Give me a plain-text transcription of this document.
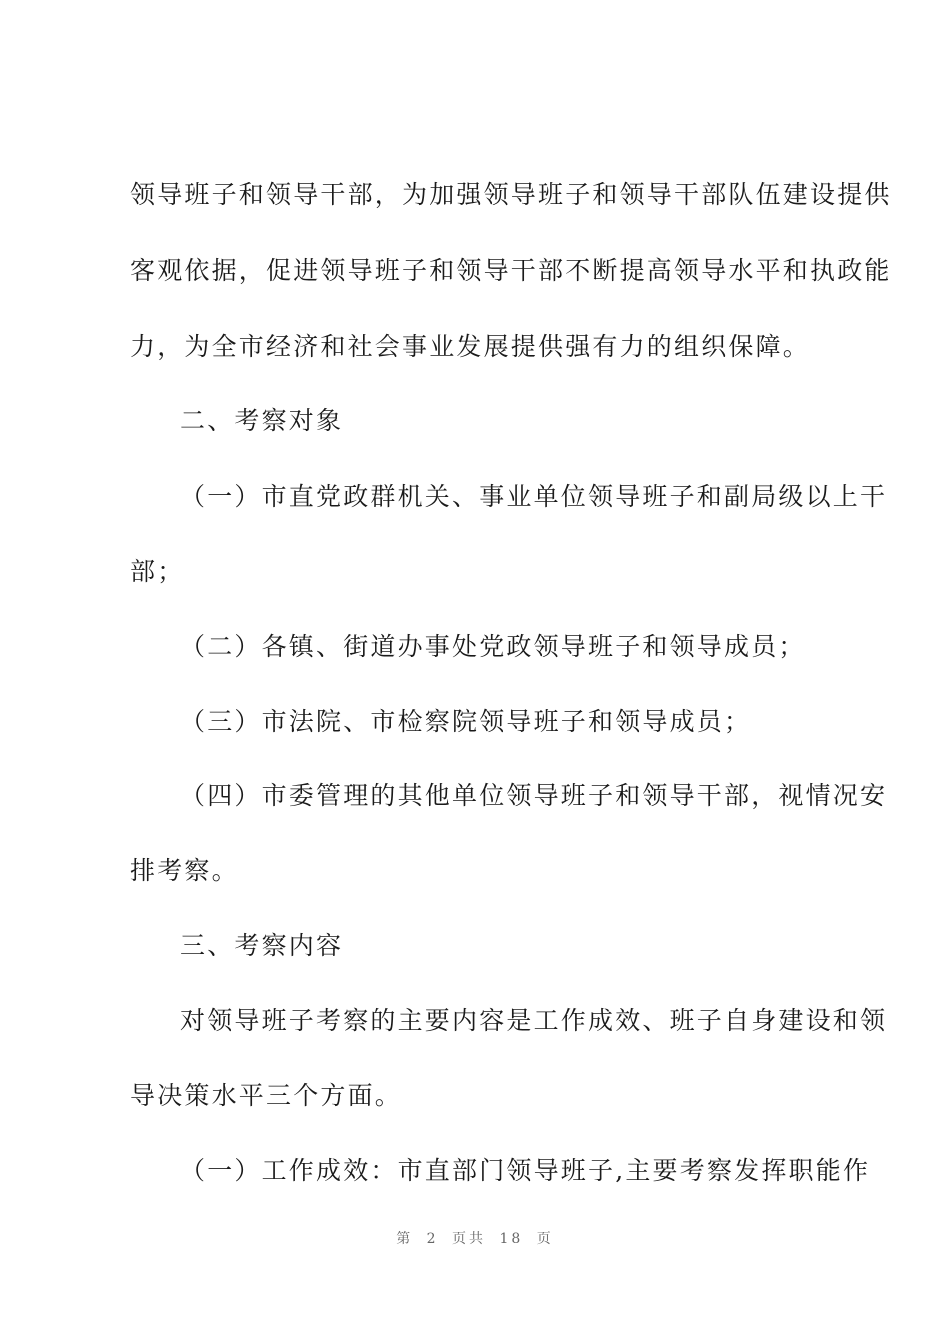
领导班子和领导干部，为加强领导班子和领导干部队伍建设提供
客观依据，促进领导班子和领导干部不断提高领导水平和执政能
力，为全市经济和社会事业发展提供强有力的组织保障。
二、考察对象
（一）市直党政群机关、事业单位领导班子和副局级以上干
部；
（二）各镇、街道办事处党政领导班子和领导成员；
（三）市法院、市检察院领导班子和领导成员；
（四）市委管理的其他单位领导班子和领导干部，视情况安
排考察。
三、考察内容
对领导班子考察的主要内容是工作成效、班子自身建设和领
导决策水平三个方面。
（一）工作成效：市直部门领导班子,主要考察发挥职能作
第 2 页共 18 页
